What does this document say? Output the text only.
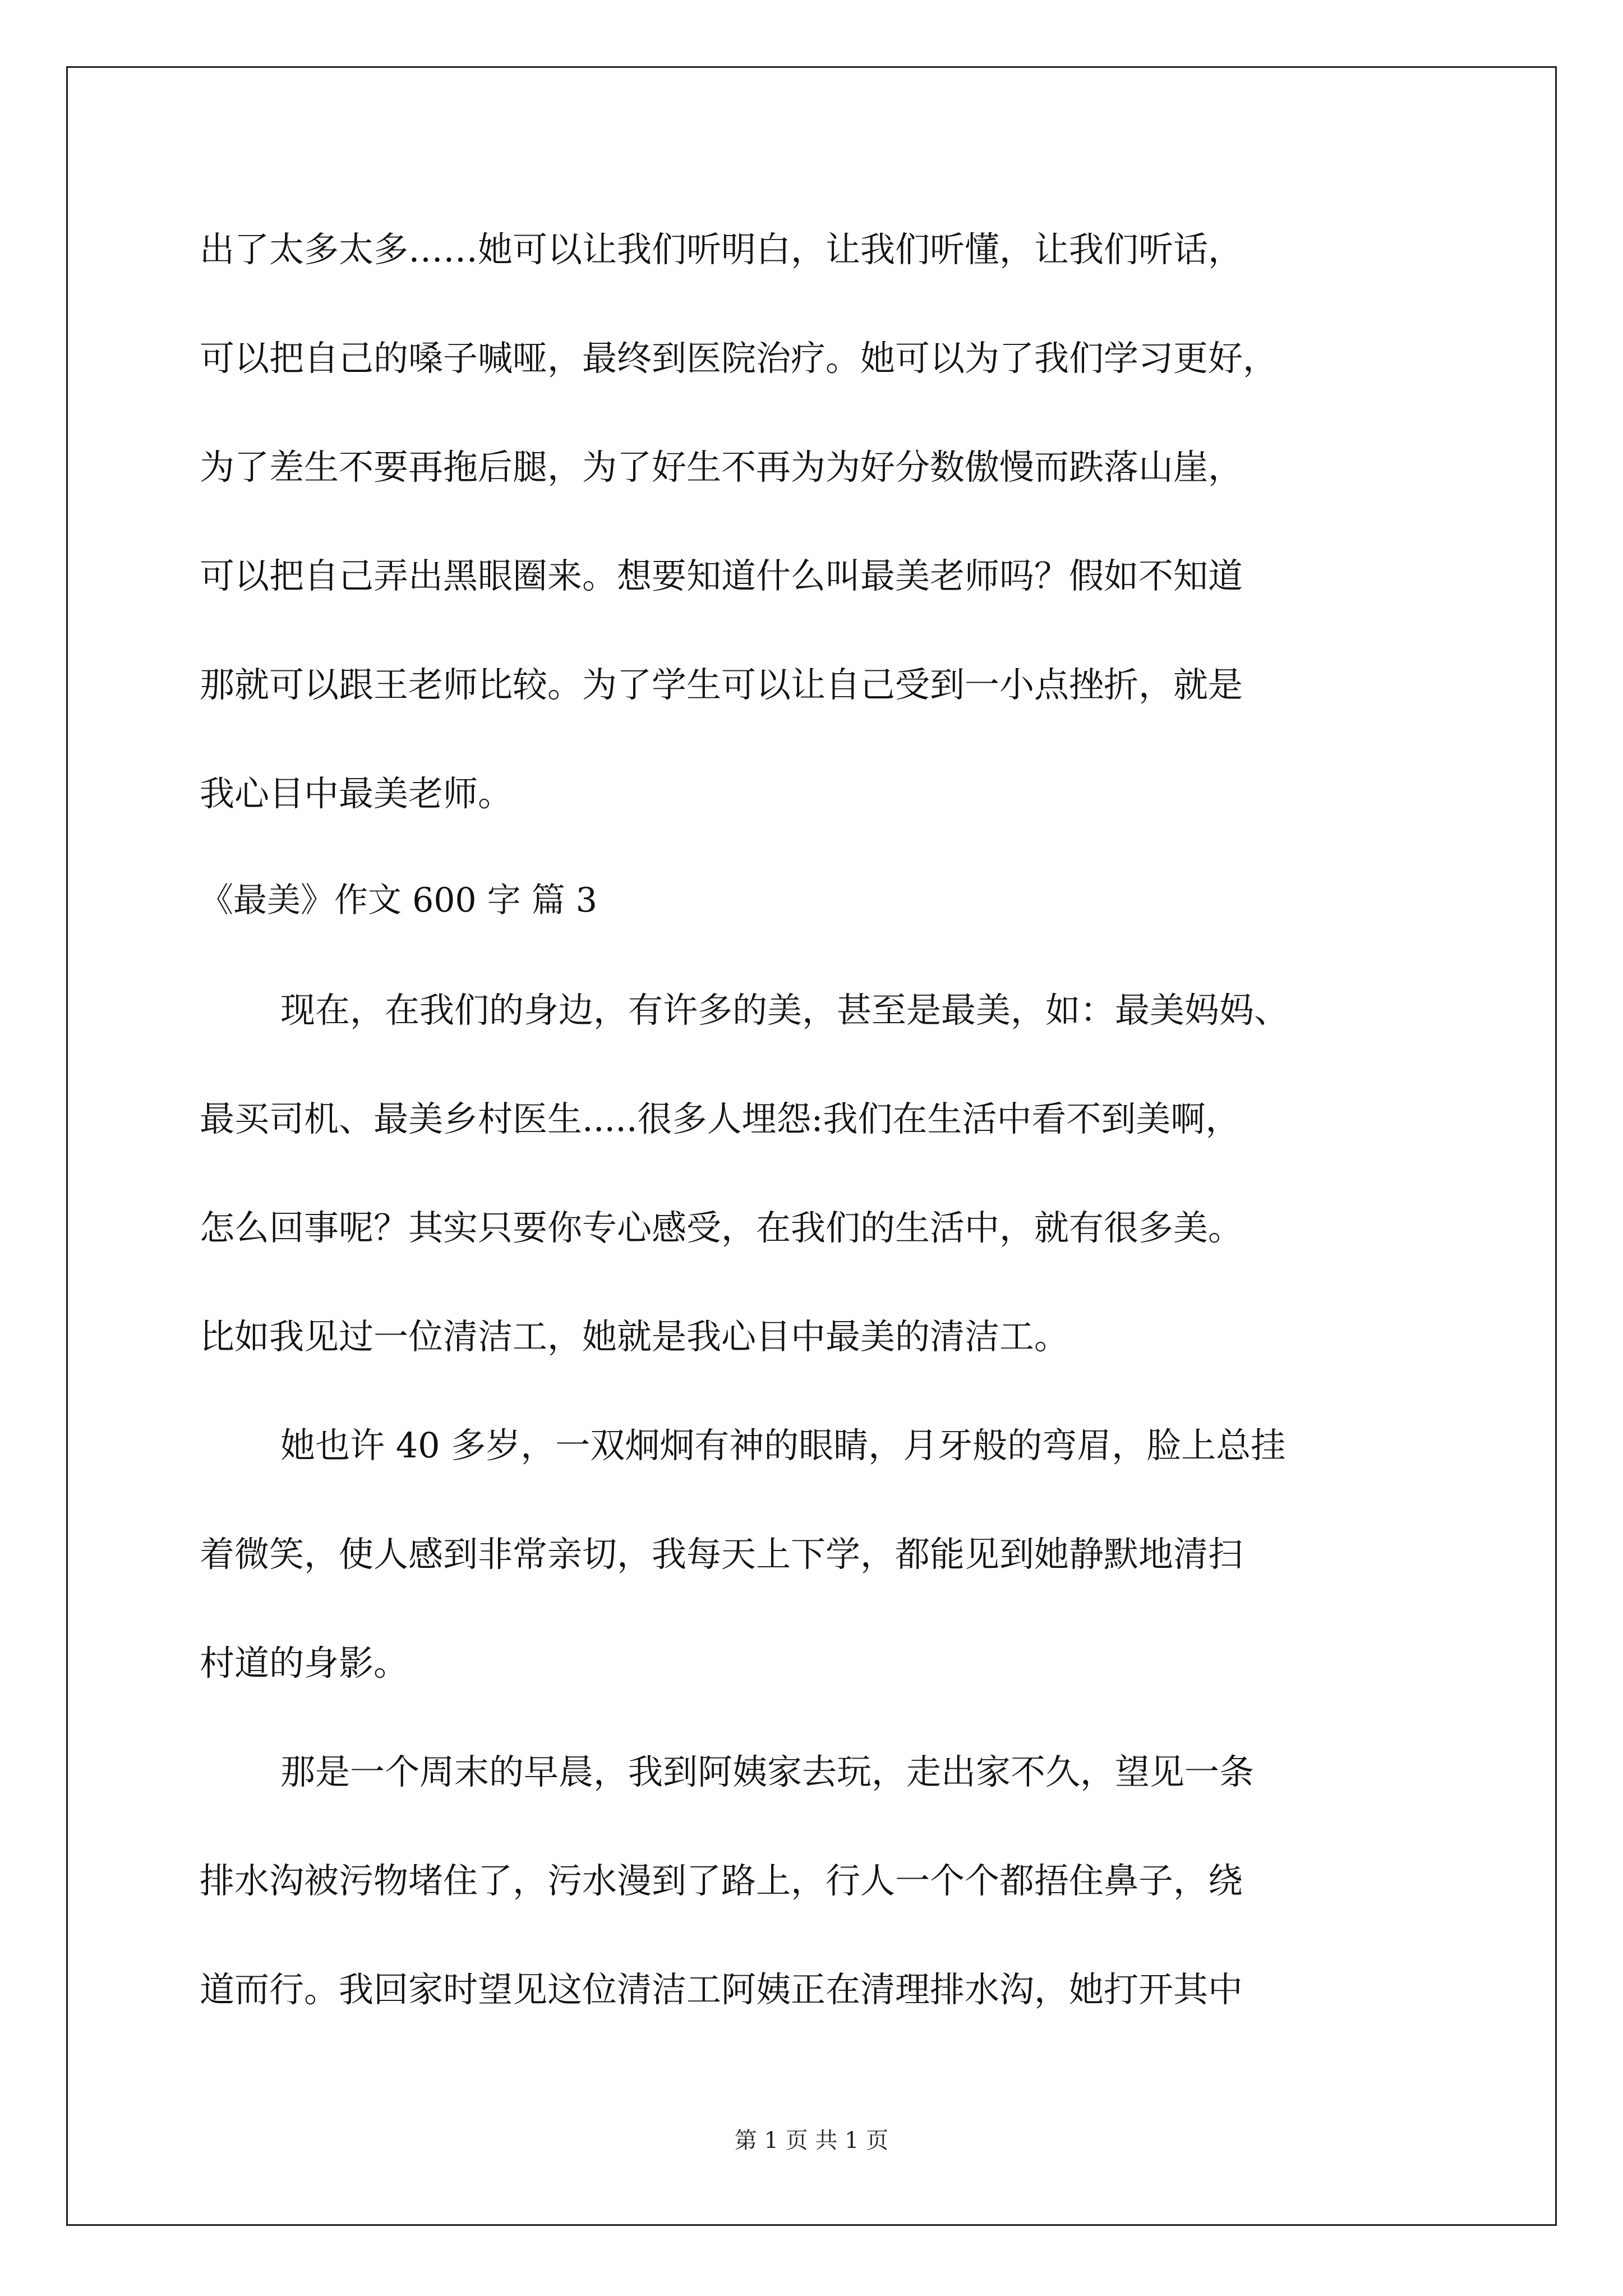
出了太多太多……她可以让我们听明白，让我们听懂，让我们听话，
可以把自己的嗓子喊哑，最终到医院治疗。她可以为了我们学习更好，
为了差生不要再拖后腿，为了好生不再为为好分数傲慢而跌落山崖，
可以把自己弄出黑眼圈来。想要知道什么叫最美老师吗？假如不知道
那就可以跟王老师比较。为了学生可以让自己受到一小点挫折，就是
我心目中最美老师。
《最美》作文 600 字 篇 3
现在，在我们的身边，有许多的美，甚至是最美，如：最美妈妈、
最买司机、最美乡村医生.....很多人埋怨:我们在生活中看不到美啊，
怎么回事呢？其实只要你专心感受，在我们的生活中，就有很多美。
比如我见过一位清洁工，她就是我心目中最美的清洁工。
她也许 40 多岁，一双炯炯有神的眼睛，月牙般的弯眉，脸上总挂
着微笑，使人感到非常亲切，我每天上下学，都能见到她静默地清扫
村道的身影。
那是一个周末的早晨，我到阿姨家去玩，走出家不久，望见一条
排水沟被污物堵住了，污水漫到了路上，行人一个个都捂住鼻子，绕
道而行。我回家时望见这位清洁工阿姨正在清理排水沟，她打开其中
第 1 页 共 1 页
